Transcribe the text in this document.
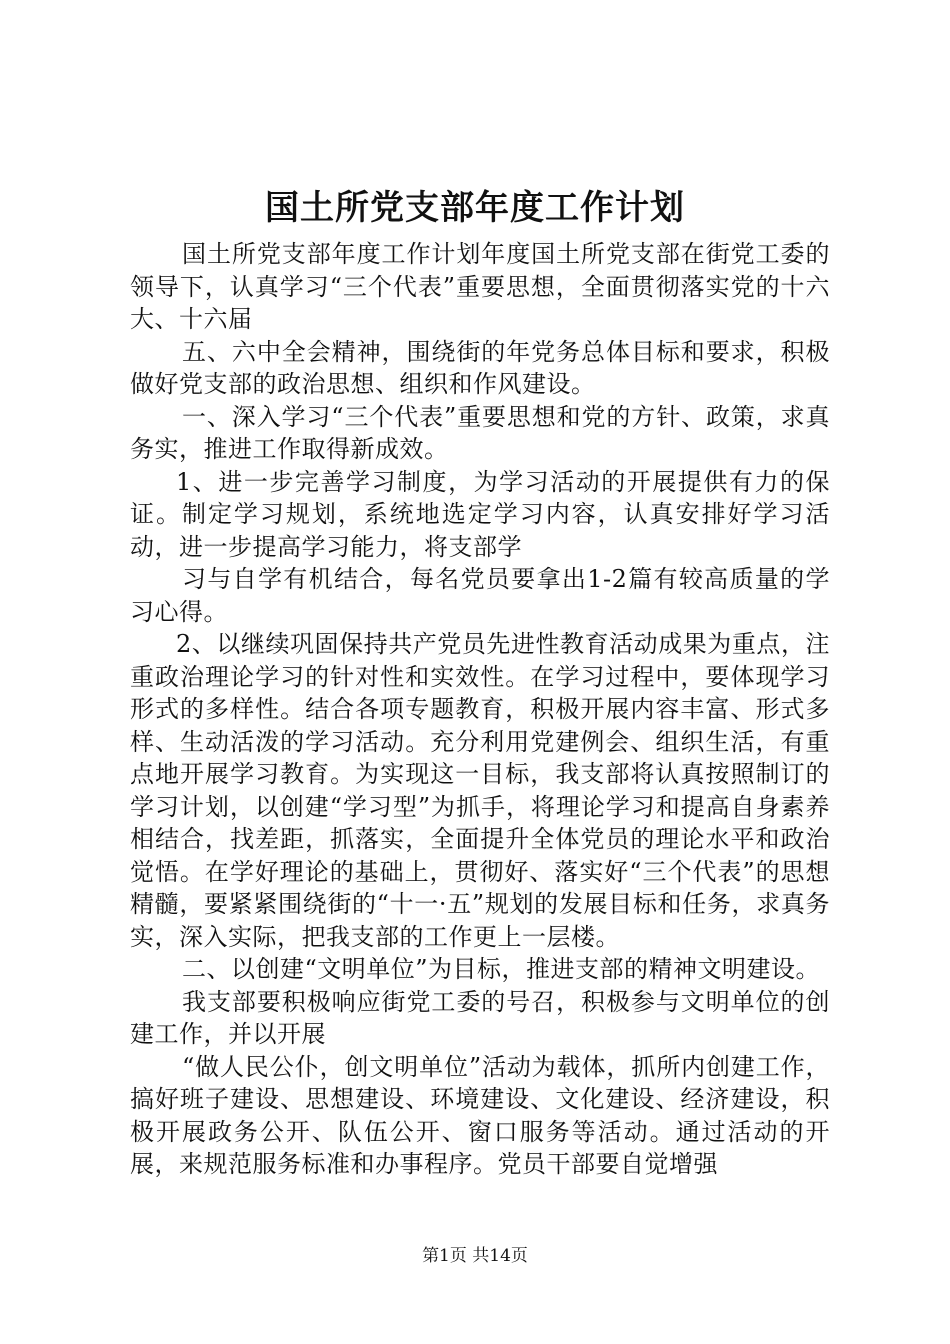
国土所党支部年度工作计划

国土所党支部年度工作计划年度国土所党支部在街党工委的领导下，认真学习“三个代表”重要思想，全面贯彻落实党的十六大、十六届

五、六中全会精神，围绕街的年党务总体目标和要求，积极做好党支部的政治思想、组织和作风建设。

一、深入学习“三个代表”重要思想和党的方针、政策，求真务实，推进工作取得新成效。

1、进一步完善学习制度，为学习活动的开展提供有力的保证。制定学习规划，系统地选定学习内容，认真安排好学习活动，进一步提高学习能力，将支部学

习与自学有机结合，每名党员要拿出1-2篇有较高质量的学习心得。

2、以继续巩固保持共产党员先进性教育活动成果为重点，注重政治理论学习的针对性和实效性。在学习过程中，要体现学习形式的多样性。结合各项专题教育，积极开展内容丰富、形式多样、生动活泼的学习活动。充分利用党建例会、组织生活，有重点地开展学习教育。为实现这一目标，我支部将认真按照制订的学习计划，以创建“学习型”为抓手，将理论学习和提高自身素养相结合，找差距，抓落实，全面提升全体党员的理论水平和政治觉悟。在学好理论的基础上，贯彻好、落实好“三个代表”的思想精髓，要紧紧围绕街的“十一·五”规划的发展目标和任务，求真务实，深入实际，把我支部的工作更上一层楼。

二、以创建“文明单位”为目标，推进支部的精神文明建设。

我支部要积极响应街党工委的号召，积极参与文明单位的创建工作，并以开展

“做人民公仆，创文明单位”活动为载体，抓所内创建工作，搞好班子建设、思想建设、环境建设、文化建设、经济建设，积极开展政务公开、队伍公开、窗口服务等活动。通过活动的开展，来规范服务标准和办事程序。党员干部要自觉增强

第1页 共14页
